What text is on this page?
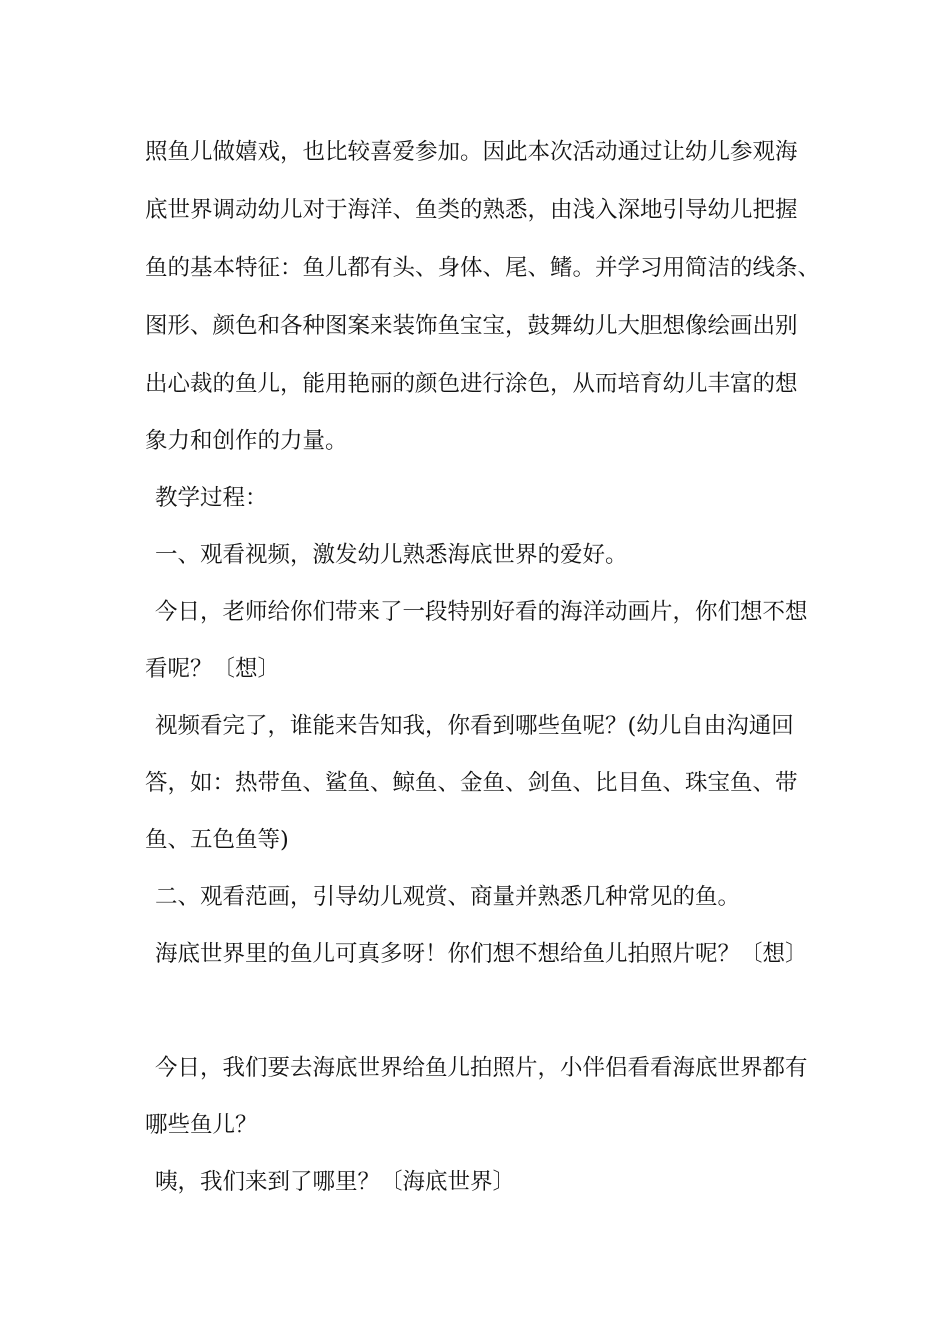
照鱼儿做嬉戏，也比较喜爱参加。因此本次活动通过让幼儿参观海
底世界调动幼儿对于海洋、鱼类的熟悉，由浅入深地引导幼儿把握
鱼的基本特征：鱼儿都有头、身体、尾、鳍。并学习用简洁的线条、
图形、颜色和各种图案来装饰鱼宝宝，鼓舞幼儿大胆想像绘画出别
出心裁的鱼儿，能用艳丽的颜色进行涂色，从而培育幼儿丰富的想
象力和创作的力量。
教学过程：
一、观看视频，激发幼儿熟悉海底世界的爱好。
今日，老师给你们带来了一段特别好看的海洋动画片，你们想不想
看呢？〔想〕
视频看完了，谁能来告知我，你看到哪些鱼呢？(幼儿自由沟通回
答，如：热带鱼、鲨鱼、鲸鱼、金鱼、剑鱼、比目鱼、珠宝鱼、带
鱼、五色鱼等)
二、观看范画，引导幼儿观赏、商量并熟悉几种常见的鱼。
海底世界里的鱼儿可真多呀！你们想不想给鱼儿拍照片呢？〔想〕
今日，我们要去海底世界给鱼儿拍照片，小伴侣看看海底世界都有
哪些鱼儿？
咦，我们来到了哪里？〔海底世界〕
